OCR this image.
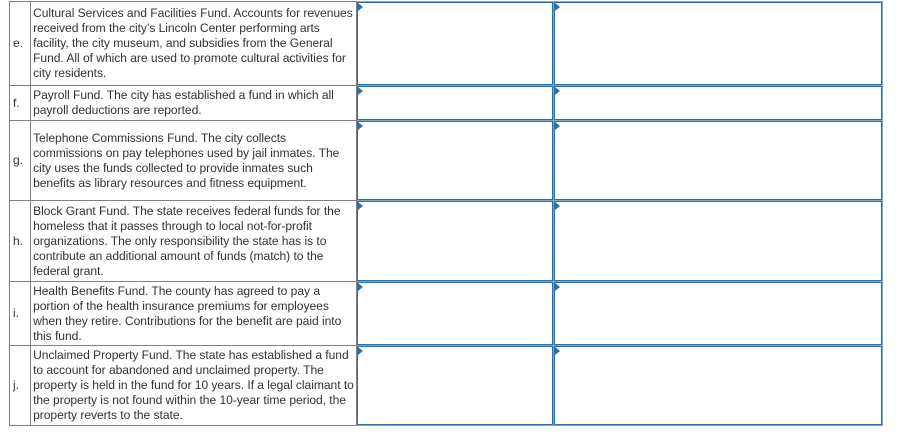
e.	Cultural Services and Facilities Fund. Accounts for revenues received from the city’s Lincoln Center performing arts facility, the city museum, and subsidies from the General Fund. All of which are used to promote cultural activities for city residents.	

f.	Payroll Fund. The city has established a fund in which all payroll deductions are reported.	

g.	Telephone Commissions Fund. The city collects commissions on pay telephones used by jail inmates. The city uses the funds collected to provide inmates such benefits as library resources and fitness equipment.	

h.	Block Grant Fund. The state receives federal funds for the homeless that it passes through to local not-for-profit organizations. The only responsibility the state has is to contribute an additional amount of funds (match) to the federal grant.	

i.	Health Benefits Fund. The county has agreed to pay a portion of the health insurance premiums for employees when they retire. Contributions for the benefit are paid into this fund.	

j.	Unclaimed Property Fund. The state has established a fund to account for abandoned and unclaimed property. The property is held in the fund for 10 years. If a legal claimant to the property is not found within the 10-year time period, the property reverts to the state.	
